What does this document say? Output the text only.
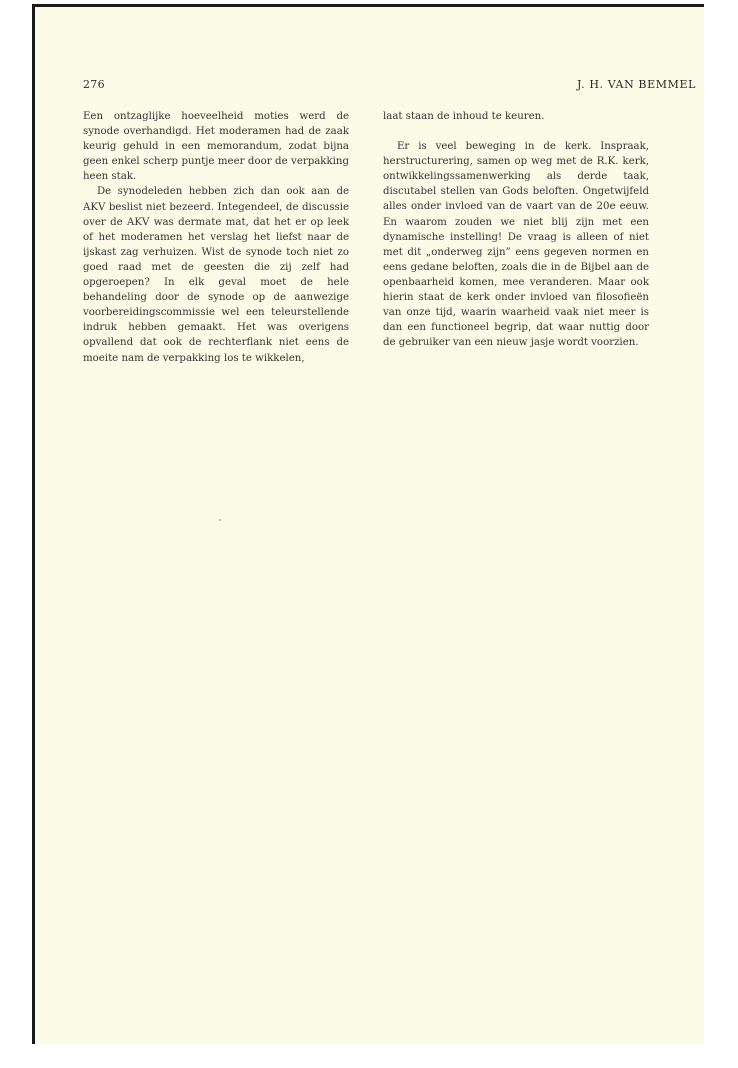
276	J. H. VAN BEMMEL

Een ontzaglijke hoeveelheid moties werd de synode overhandigd. Het moderamen had de zaak keurig gehuld in een memorandum, zodat bijna geen enkel scherp puntje meer door de verpakking heen stak.

De synodeleden hebben zich dan ook aan de AKV beslist niet bezeerd. Integendeel, de discussie over de AKV was dermate mat, dat het er op leek of het moderamen het verslag het liefst naar de ijskast zag verhuizen. Wist de synode toch niet zo goed raad met de geesten die zij zelf had opgeroepen? In elk geval moet de hele behandeling door de synode op de aanwezige voorbereidingscommissie wel een teleurstellende indruk hebben gemaakt. Het was overigens opvallend dat ook de rechterflank niet eens de moeite nam de verpakking los te wikkelen,

laat staan de inhoud te keuren.

Er is veel beweging in de kerk. Inspraak, herstructurering, samen op weg met de R.K. kerk, ontwikkelingssamenwerking als derde taak, discutabel stellen van Gods beloften. Ongetwijfeld alles onder invloed van de vaart van de 20e eeuw. En waarom zouden we niet blij zijn met een dynamische instelling! De vraag is alleen of niet met dit „onderweg zijn” eens gegeven normen en eens gedane beloften, zoals die in de Bijbel aan de openbaarheid komen, mee veranderen. Maar ook hierin staat de kerk onder invloed van filosofieën van onze tijd, waarin waarheid vaak niet meer is dan een functioneel begrip, dat waar nuttig door de gebruiker van een nieuw jasje wordt voorzien.
